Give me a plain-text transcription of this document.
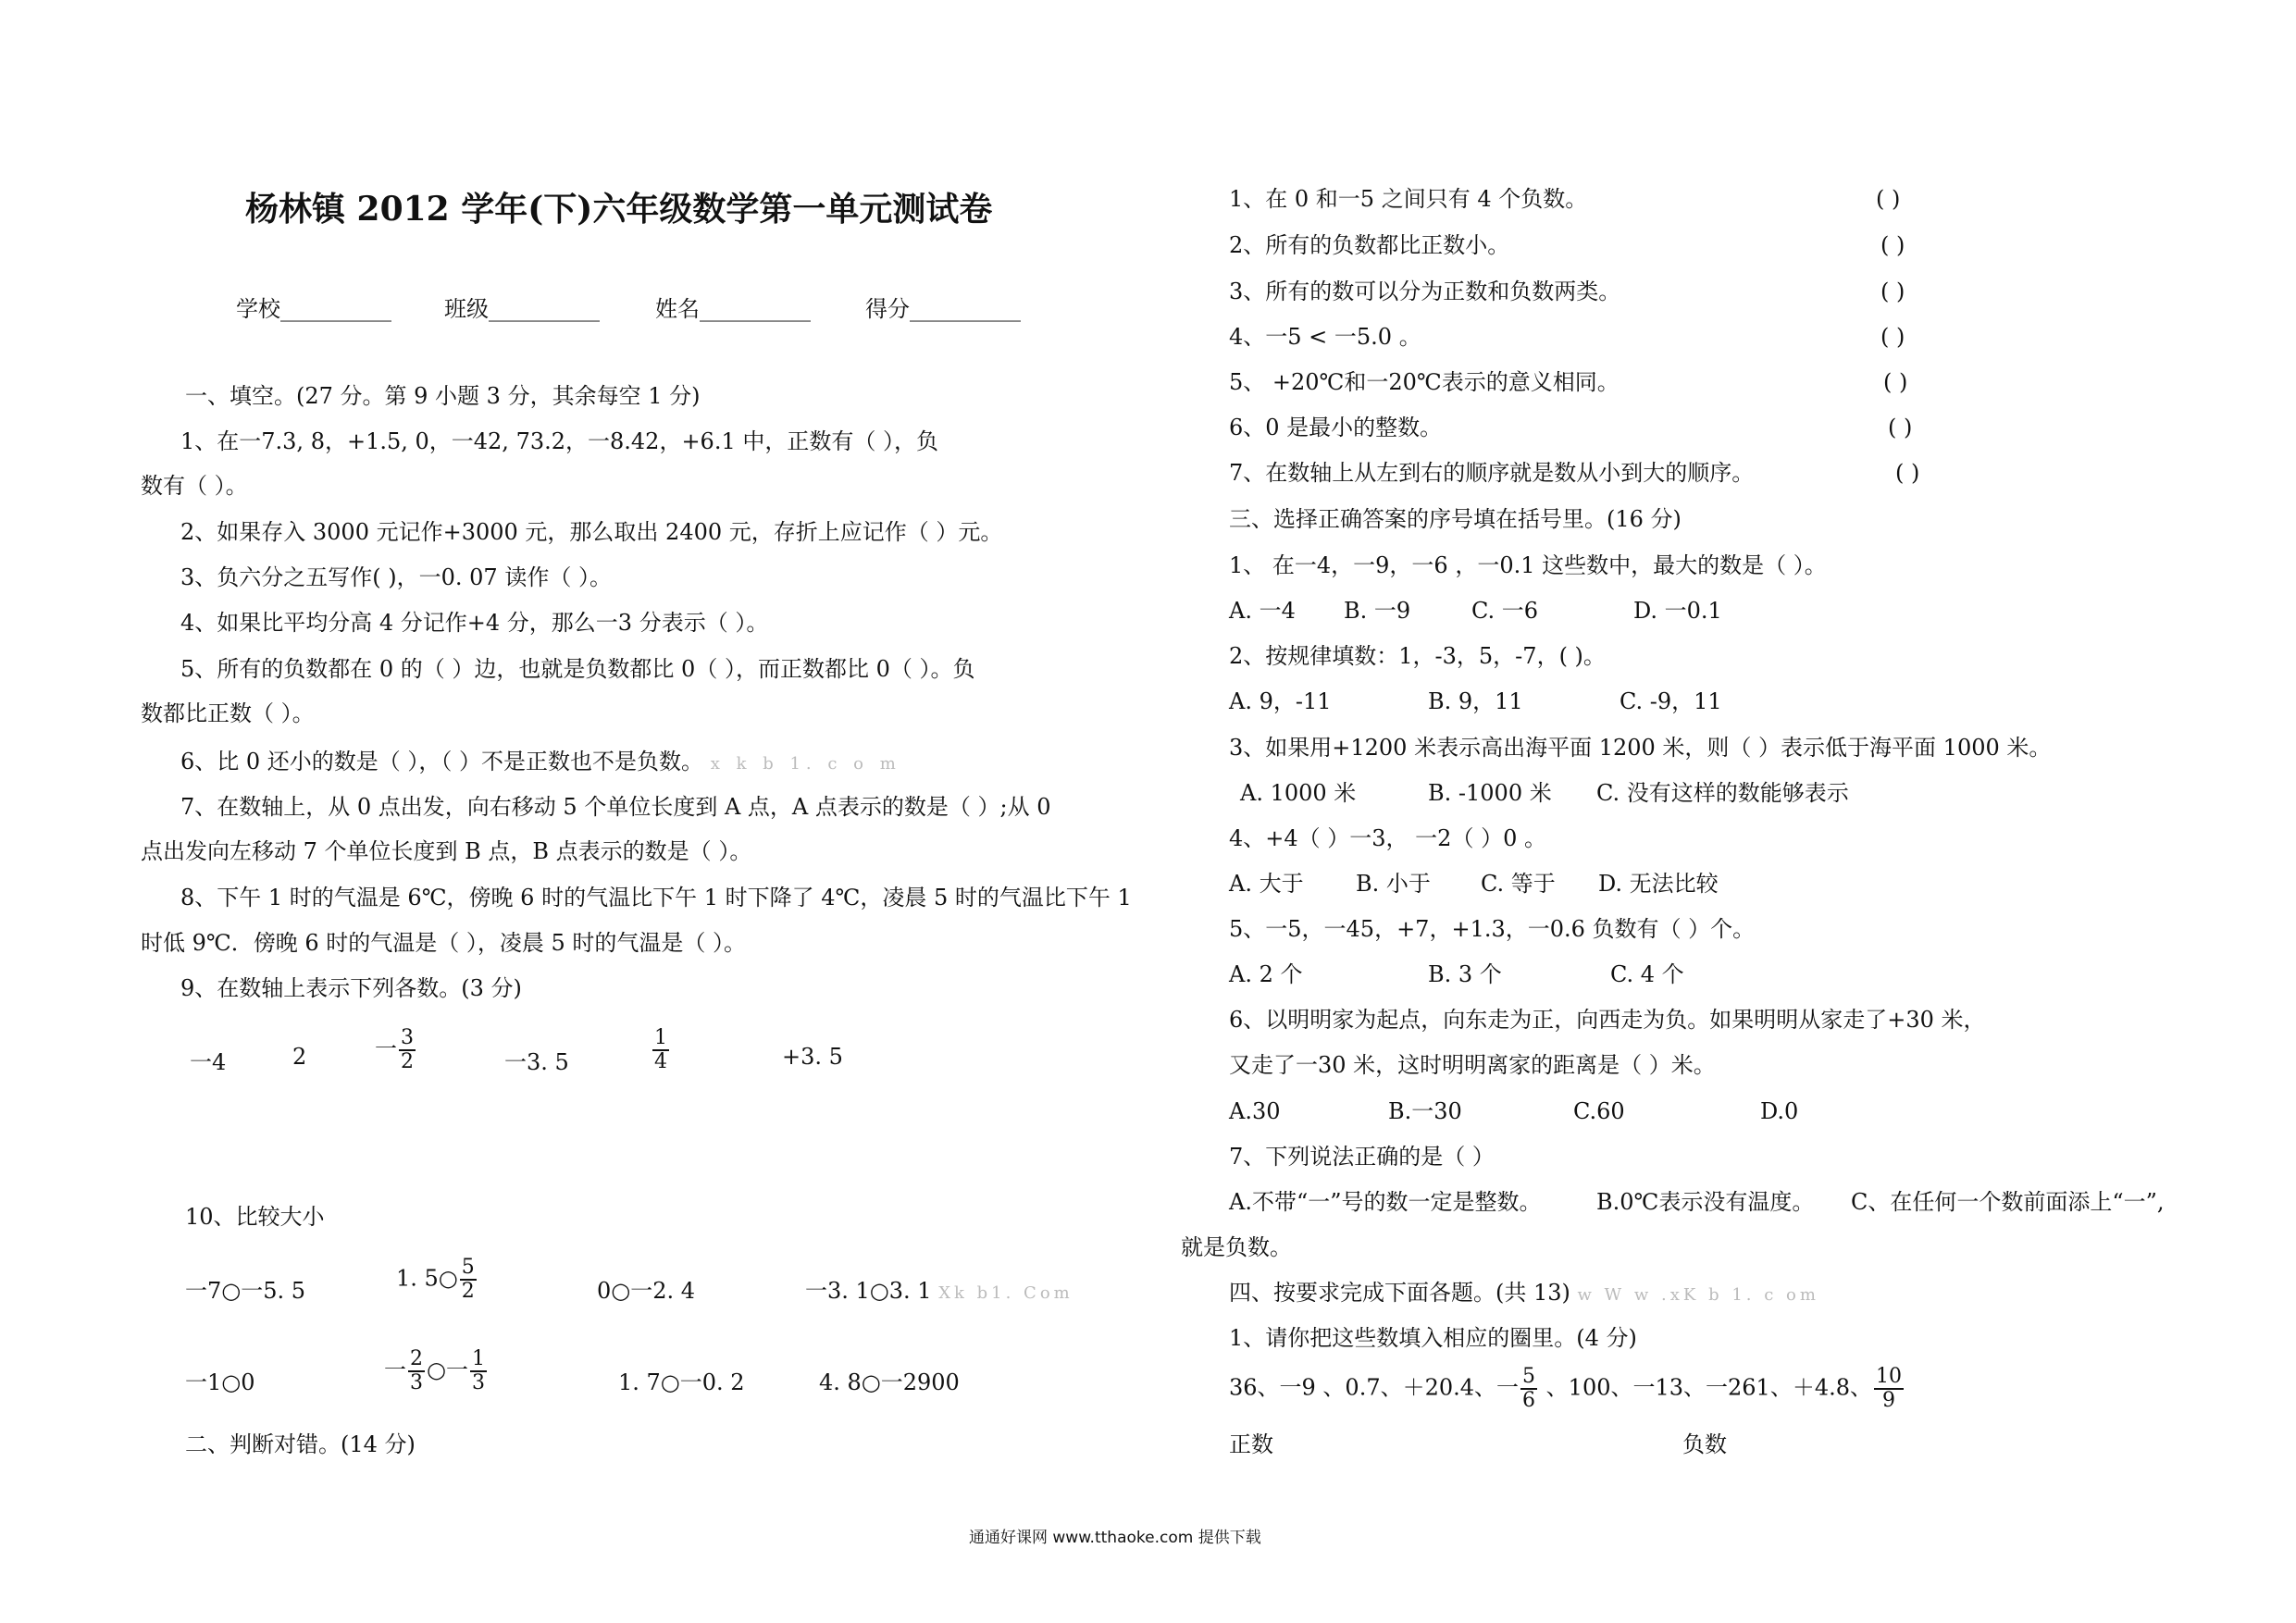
杨林镇 2012 学年(下)六年级数学第一单元测试卷
学校__________ 班级__________	姓名__________ 得分__________
一、填空。(27 分。第 9 小题 3 分，其余每空 1 分)
1、在一7.3, 8，+1.5, 0，一42, 73.2，一8.42，+6.1 中，正数有（ ），负
数有（ ）。
2、如果存入 3000 元记作+3000 元，那么取出 2400 元，存折上应记作（ ）元。
3、负六分之五写作( )，一0. 07 读作（ ）。
4、如果比平均分高 4 分记作+4 分，那么一3 分表示（ ）。
5、所有的负数都在 0 的（ ）边，也就是负数都比 0（ ），而正数都比 0（ ）。负
数都比正数（ ）。
6、比 0 还小的数是（ ），（ ）不是正数也不是负数。 x k b 1. c o m
7、在数轴上，从 0 点出发，向右移动 5 个单位长度到 A 点，A 点表示的数是（ ）;从 0
点出发向左移动 7 个单位长度到 B 点，B 点表示的数是（ ）。
8、下午 1 时的气温是 6℃，傍晚 6 时的气温比下午 1 时下降了 4℃，凌晨 5 时的气温比下午 1
时低 9℃．傍晚 6 时的气温是（ ），凌晨 5 时的气温是（ ）。
9、在数轴上表示下列各数。(3 分)
一4	2	一 $\frac{3}{2}$	一3. 5	$\frac{1}{4}$	+3. 5
10、比较大小
一7○一5. 5	1. 5○ $\frac{5}{2}$	0○一2. 4	一3. 1○3. 1 Xk b1. Com
一1○0	一 $\frac{2}{3}$ ○一 $\frac{1}{3}$	1. 7○一0. 2	4. 8○一2900
二、判断对错。(14 分)
1、在 0 和一5 之间只有 4 个负数。	( )
2、所有的负数都比正数小。	( )
3、所有的数可以分为正数和负数两类。	( )
4、一5 < 一5.0 。	( )
5、 +20℃和一20℃表示的意义相同。	( )
6、0 是最小的整数。	( )
7、在数轴上从左到右的顺序就是数从小到大的顺序。	( )
三、选择正确答案的序号填在括号里。(16 分)
1、 在一4，一9，一6 ，一0.1 这些数中，最大的数是（ ）。
A. 一4 B. 一9	C. 一6	D. 一0.1
2、按规律填数：1，-3，5，-7，( )。
A. 9，-11	B. 9，11	C. -9，11
3、如果用+1200 米表示高出海平面 1200 米，则（ ）表示低于海平面 1000 米。
A. 1000 米	B. -1000 米 C. 没有这样的数能够表示
4、+4（ ）一3， 一2（ ）0 。
A. 大于 B. 小于 C. 等于 D. 无法比较
5、一5，一45，+7，+1.3，一0.6 负数有（ ）个。
A. 2 个	B. 3 个	C. 4 个
6、以明明家为起点，向东走为正，向西走为负。如果明明从家走了+30 米，
又走了一30 米，这时明明离家的距离是（ ）米。
A.30	B.一30	C.60	D.0
7、下列说法正确的是（ ）
A.不带“一”号的数一定是整数。 B.0℃表示没有温度。 C、在任何一个数前面添上“一”,
就是负数。
四、按要求完成下面各题。(共 13) w W w .xK b 1. c om
1、请你把这些数填入相应的圈里。(4 分)
36、一9 、0.7、＋20.4、一 $\frac{5}{6}$ 、100、一13、一261、＋4.8、 $\frac{10}{9}$
正数	负数
通通好课网 www.tthaoke.com 提供下载
